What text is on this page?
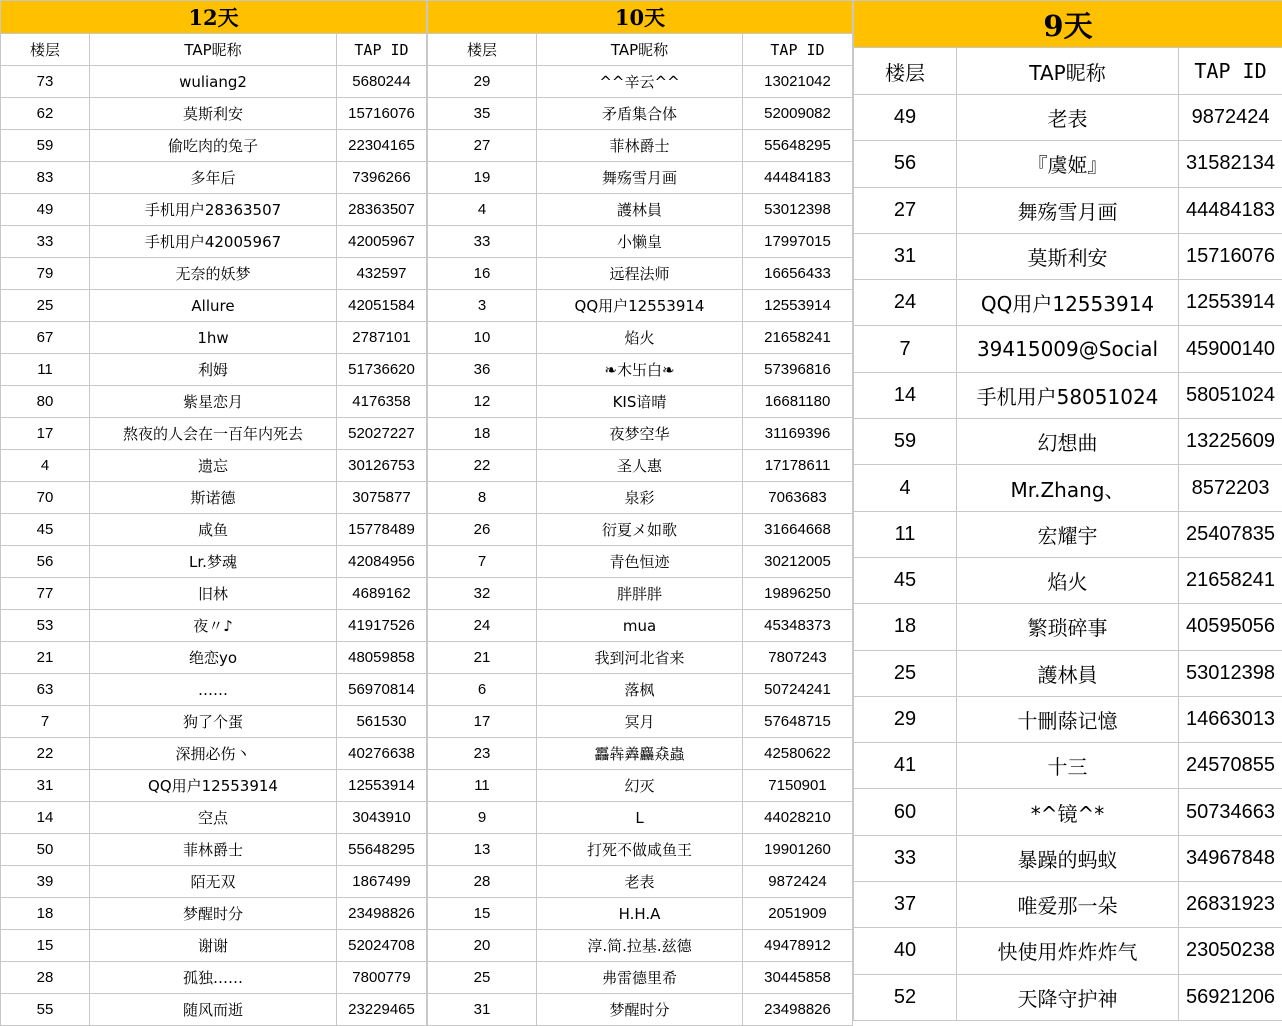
12天		
楼层	TAP昵称	TAP ID
73	wuliang2	5680244
62	莫斯利安	15716076
59	偷吃肉的兔子	22304165
83	多年后	7396266
49	手机用户28363507	28363507
33	手机用户42005967	42005967
79	无奈的妖梦	432597
25	Allure	42051584
67	1hw	2787101
11	利姆	51736620
80	紫星恋月	4176358
17	熬夜的人会在一百年内死去	52027227
4	遗忘	30126753
70	斯诺德	3075877
45	咸鱼	15778489
56	Lr.梦魂	42084956
77	旧林	4689162
53	夜〃♪	41917526
21	绝恋yo	48059858
63	……	56970814
7	狗了个蛋	561530
22	深拥必伤丶	40276638
31	QQ用户12553914	12553914
14	空点	3043910
50	菲林爵士	55648295
39	陌无双	1867499
18	梦醒时分	23498826
15	谢谢	52024708
28	孤独……	7800779
55	随风而逝	23229465
10天		
楼层	TAP昵称	TAP ID
29	^^辛云^^	13021042
35	矛盾集合体	52009082
27	菲林爵士	55648295
19	舞殇雪月画	44484183
4	護林員	53012398
33	小懒皇	17997015
16	远程法师	16656433
3	QQ用户12553914	12553914
10	焰火	21658241
36	❧木卐白❧	57396816
12	KIS谙晴	16681180
18	夜梦空华	31169396
22	圣人惠	17178611
8	泉彩	7063683
26	衍夏メ如歌	31664668
7	青色恒迹	30212005
32	胖胖胖	19896250
24	mua	45348373
21	我到河北省来	7807243
6	落枫	50724241
17	冥月	57648715
23	靐犇羴麤猋蟲	42580622
11	幻灭	7150901
9	L	44028210
13	打死不做咸鱼王	19901260
28	老表	9872424
15	H.H.A	2051909
20	淳.简.拉基.兹德	49478912
25	弗雷德里希	30445858
31	梦醒时分	23498826
9天		
楼层	TAP昵称	TAP ID
49	老表	9872424
56	『虞姬』	31582134
27	舞殇雪月画	44484183
31	莫斯利安	15716076
24	QQ用户12553914	12553914
7	39415009@Social	45900140
14	手机用户58051024	58051024
59	幻想曲	13225609
4	Mr.Zhang、	8572203
11	宏耀宇	25407835
45	焰火	21658241
18	繁琐碎事	40595056
25	護林員	53012398
29	十刪蒢记憶	14663013
41	十三	24570855
60	*^镜^*	50734663
33	暴躁的蚂蚁	34967848
37	唯爱那一朵	26831923
40	快使用炸炸炸气	23050238
52	天降守护神	56921206
